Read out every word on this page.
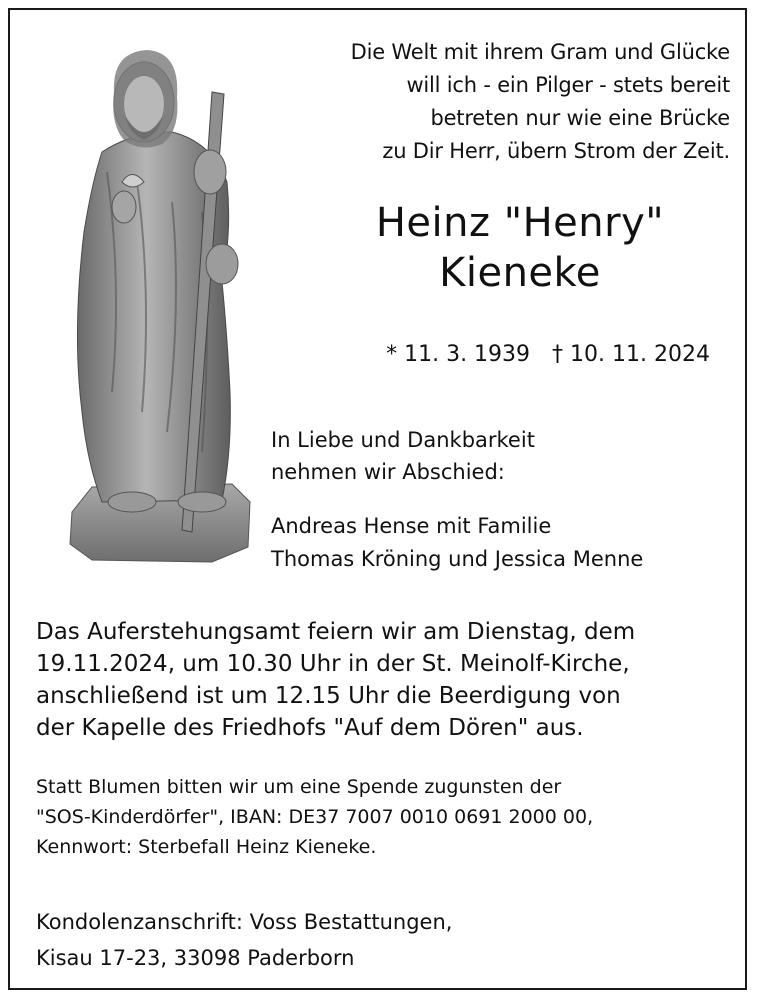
Die Welt mit ihrem Gram und Glücke
will ich - ein Pilger - stets bereit
betreten nur wie eine Brücke
zu Dir Herr, übern Strom der Zeit.
Heinz "Henry"
Kieneke
* 11. 3. 1939 † 10. 11. 2024
In Liebe und Dankbarkeit
nehmen wir Abschied:
Andreas Hense mit Familie
Thomas Kröning und Jessica Menne
Das Auferstehungsamt feiern wir am Dienstag, dem
19.11.2024, um 10.30 Uhr in der St. Meinolf-Kirche,
anschließend ist um 12.15 Uhr die Beerdigung von
der Kapelle des Friedhofs "Auf dem Dören" aus.
Statt Blumen bitten wir um eine Spende zugunsten der
"SOS-Kinderdörfer", IBAN: DE37 7007 0010 0691 2000 00,
Kennwort: Sterbefall Heinz Kieneke.
Kondolenzanschrift: Voss Bestattungen,
Kisau 17-23, 33098 Paderborn
